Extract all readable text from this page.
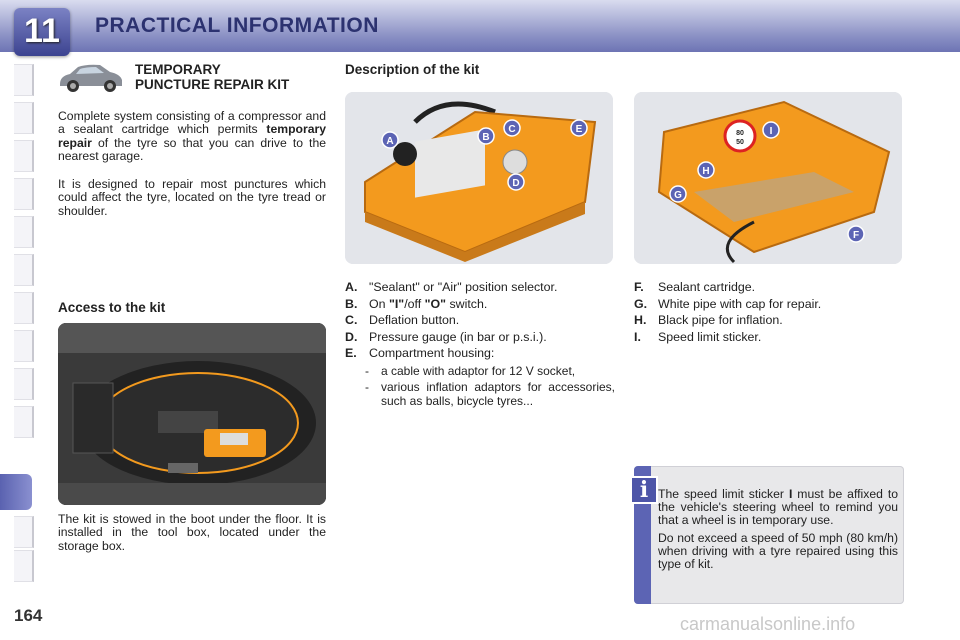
PRACTICAL INFORMATION
11
TEMPORARY
PUNCTURE REPAIR KIT
Complete system consisting of a compressor and a sealant cartridge which permits temporary repair of the tyre so that you can drive to the nearest garage.
It is designed to repair most punctures which could affect the tyre, located on the tyre tread or shoulder.
Access to the kit
The kit is stowed in the boot under the floor. It is installed in the tool box, located under the storage box.
Description of the kit
A	B
C
D
E	80
50
I
H
G
F
A. "Sealant" or "Air" position selector.
B. On "I"/off "O" switch.
C. Deflation button.
D. Pressure gauge (in bar or p.s.i.).
E. Compartment housing:
-	a cable with adaptor for 12 V socket,
-	various inflation adaptors for accessories, such as balls, bicycle tyres...
F.	Sealant cartridge.
G. White pipe with cap for repair.
H. Black pipe for inflation.
I.	Speed limit sticker.
i The speed limit sticker I must be affixed to the vehicle's steering wheel to remind you that a wheel is in temporary use.

Do not exceed a speed of 50 mph (80 km/h) when driving with a tyre repaired using this type of kit.

164	carmanualsonline.info
